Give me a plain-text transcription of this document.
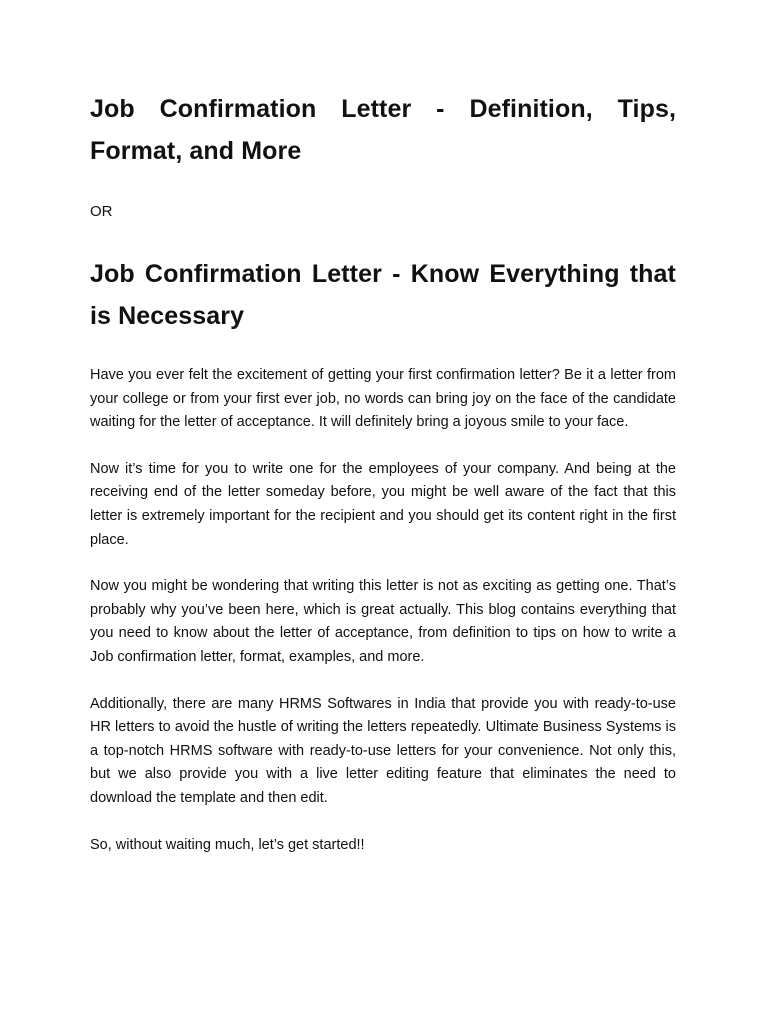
Job Confirmation Letter - Definition, Tips, Format, and More

OR

Job Confirmation Letter - Know Everything that is Necessary

Have you ever felt the excitement of getting your first confirmation letter? Be it a letter from your college or from your first ever job, no words can bring joy on the face of the candidate waiting for the letter of acceptance. It will definitely bring a joyous smile to your face.

Now it’s time for you to write one for the employees of your company. And being at the receiving end of the letter someday before, you might be well aware of the fact that this letter is extremely important for the recipient and you should get its content right in the first place.

Now you might be wondering that writing this letter is not as exciting as getting one. That’s probably why you’ve been here, which is great actually. This blog contains everything that you need to know about the letter of acceptance, from definition to tips on how to write a Job confirmation letter, format, examples, and more.

Additionally, there are many HRMS Softwares in India that provide you with ready-to-use HR letters to avoid the hustle of writing the letters repeatedly. Ultimate Business Systems is a top-notch HRMS software with ready-to-use letters for your convenience. Not only this, but we also provide you with a live letter editing feature that eliminates the need to download the template and then edit.

So, without waiting much, let’s get started!!
